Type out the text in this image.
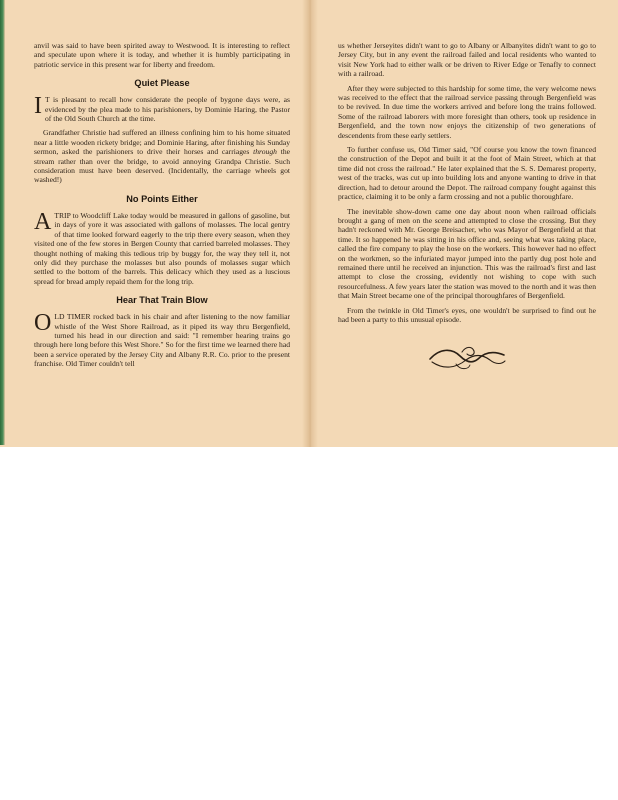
anvil was said to have been spirited away to Westwood. It is interesting to reflect and speculate upon where it is today, and whether it is humbly participating in patriotic service in this present war for liberty and freedom.

Quiet Please

I T is pleasant to recall how considerate the people of bygone days were, as evidenced by the plea made to his parishioners, by Dominie Haring, the Pastor of the Old South Church at the time.

Grandfather Christie had suffered an illness confining him to his home situated near a little wooden rickety bridge; and Dominie Haring, after finishing his Sunday sermon, asked the parishioners to drive their horses and carriages through the stream rather than over the bridge, to avoid annoying Grandpa Christie. Such consideration must have been deserved. (Incidentally, the carriage wheels got washed!)

No Points Either

ATRIP to Woodcliff Lake today would be measured in gallons of gasoline, but in days of yore it was associated with gallons of molasses. The local gentry of that time looked forward eagerly to the trip there every season, when they visited one of the few stores in Bergen County that carried barreled molasses. They thought nothing of making this tedious trip by buggy for, the way they tell it, not only did they purchase the molasses but also pounds of molasses sugar which settled to the bottom of the barrels. This delicacy which they used as a luscious spread for bread amply repaid them for the long trip.

Hear That Train Blow

OLD TIMER rocked back in his chair and after listening to the now familiar whistle of the West Shore Railroad, as it piped its way thru Bergenfield, turned his head in our direction and said: "I remember hearing trains go through here long before this West Shore." So for the first time we learned there had been a service operated by the Jersey City and Albany R.R. Co. prior to the present franchise. Old Timer couldn't tell

us whether Jerseyites didn't want to go to Albany or Albanyites didn't want to go to Jersey City, but in any event the railroad failed and local residents who wanted to visit New York had to either walk or be driven to River Edge or Tenafly to connect with a railroad.

After they were subjected to this hardship for some time, the very welcome news was received to the effect that the railroad service passing through Bergenfield was to be revived. In due time the workers arrived and before long the trains followed. Some of the railroad laborers with more foresight than others, took up residence in Bergenfield, and the town now enjoys the citizenship of two generations of descendents from these early settlers.

To further confuse us, Old Timer said, "Of course you know the town financed the construction of the Depot and built it at the foot of Main Street, which at that time did not cross the railroad." He later explained that the S. S. Demarest property, west of the tracks, was cut up into building lots and anyone wanting to drive in that direction, had to detour around the Depot. The railroad company fought against this practice, claiming it to be only a farm crossing and not a public thoroughfare.

The inevitable show-down came one day about noon when railroad officials brought a gang of men on the scene and attempted to close the crossing. But they hadn't reckoned with Mr. George Breisacher, who was Mayor of Bergenfield at that time. It so happened he was sitting in his office and, seeing what was taking place, called the fire company to play the hose on the workers. This however had no effect on the workmen, so the infuriated mayor jumped into the partly dug post hole and remained there until he received an injunction. This was the railroad's first and last attempt to close the crossing, evidently not wishing to cope with such resourcefulness. A few years later the station was moved to the north and it was then that Main Street became one of the principal thoroughfares of Bergenfield.

From the twinkle in Old Timer's eyes, one wouldn't be surprised to find out he had been a party to this unusual episode.
